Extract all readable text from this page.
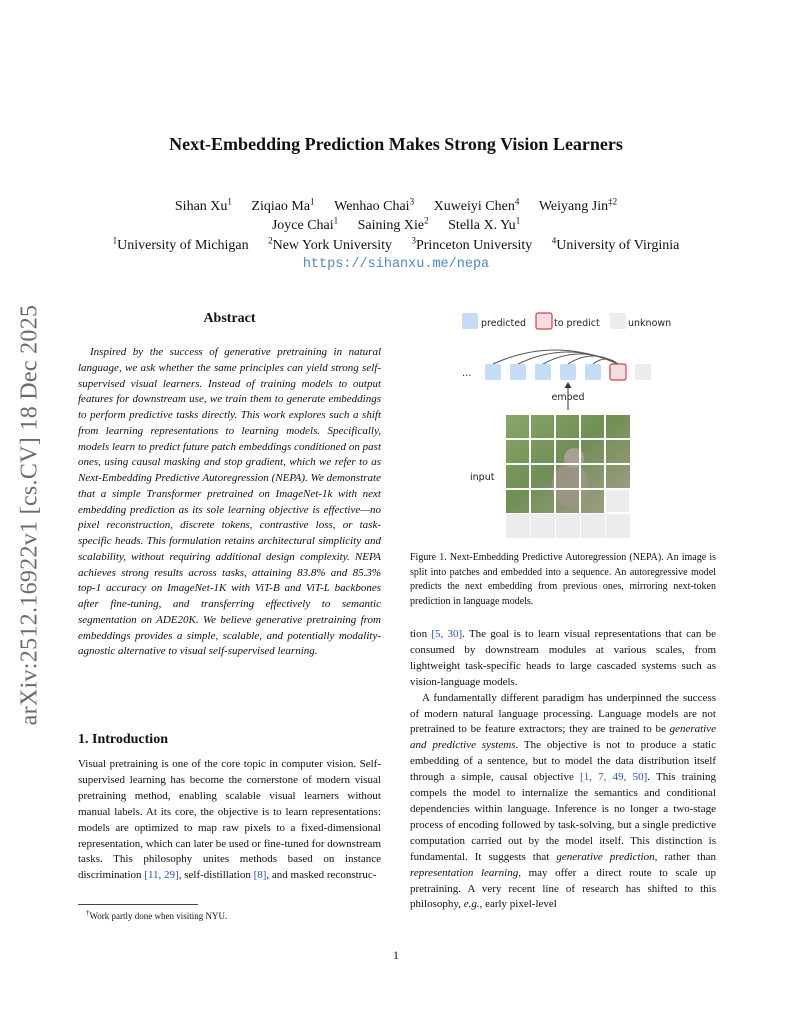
arXiv:2512.16922v1 [cs.CV] 18 Dec 2025
Next-Embedding Prediction Makes Strong Vision Learners
Sihan Xu$^1$ Ziqiao Ma$^1$ Wenhao Chai$^3$ Xuweiyi Chen$^4$ Weiyang Jin$^{\ddagger 2}$
Joyce Chai$^1$ Saining Xie$^2$ Stella X. Yu$^1$
$^1$University of Michigan $^2$New York University $^3$Princeton University $^4$University of Virginia
https://sihanxu.me/nepa
Abstract
Inspired by the success of generative pretraining in natural language, we ask whether the same principles can yield strong self-supervised visual learners. Instead of training models to output features for downstream use, we train them to generate embeddings to perform predictive tasks directly. This work explores such a shift from learning representations to learning models. Specifically, models learn to predict future patch embeddings conditioned on past ones, using causal masking and stop gradient, which we refer to as Next-Embedding Predictive Autoregression (NEPA). We demonstrate that a simple Transformer pretrained on ImageNet-1k with next embedding prediction as its sole learning objective is effective—no pixel reconstruction, discrete tokens, contrastive loss, or task-specific heads. This formulation retains architectural simplicity and scalability, without requiring additional design complexity. NEPA achieves strong results across tasks, attaining 83.8% and 85.3% top-1 accuracy on ImageNet-1K with ViT-B and ViT-L backbones after fine-tuning, and transferring effectively to semantic segmentation on ADE20K. We believe generative pretraining from embeddings provides a simple, scalable, and potentially modality-agnostic alternative to visual self-supervised learning.
1. Introduction
Visual pretraining is one of the core topic in computer vision. Self-supervised learning has become the cornerstone of modern visual pretraining method, enabling scalable visual learners without manual labels. At its core, the objective is to learn representations: models are optimized to map raw pixels to a fixed-dimensional representation, which can later be used or fine-tuned for downstream tasks. This philosophy unites methods based on instance discrimination [11, 29], self-distillation [8], and masked reconstruc-
†Work partly done when visiting NYU.
predicted	to predict	unknown
...
embed
input
Figure 1. Next-Embedding Predictive Autoregression (NEPA). An image is split into patches and embedded into a sequence. An autoregressive model predicts the next embedding from previous ones, mirroring next-token prediction in language models.

tion [5, 30]. The goal is to learn visual representations that can be consumed by downstream modules at various scales, from lightweight task-specific heads to large cascaded systems such as vision-language models.

A fundamentally different paradigm has underpinned the success of modern natural language processing. Language models are not pretrained to be feature extractors; they are trained to be generative and predictive systems. The objective is not to produce a static embedding of a sentence, but to model the data distribution itself through a simple, causal objective [1, 7, 49, 50]. This training compels the model to internalize the semantics and conditional dependencies within language. Inference is no longer a two-stage process of encoding followed by task-solving, but a single predictive computation carried out by the model itself. This distinction is fundamental. It suggests that generative prediction, rather than representation learning, may offer a direct route to scale up pretraining. A very recent line of research has shifted to this philosophy, e.g., early pixel-level

1
